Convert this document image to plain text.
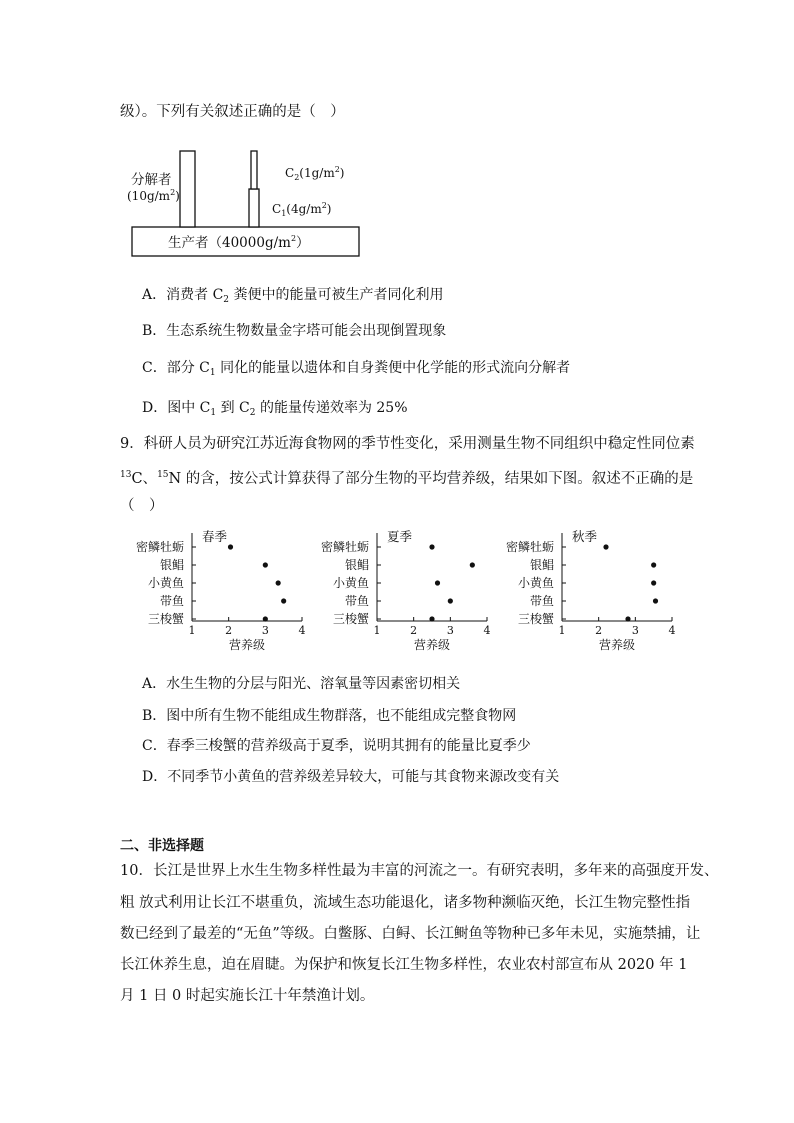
级）。下列有关叙述正确的是（　）
分解者
$(10g/m^2)$
$C_2(1g/m^2)$
$C_1(4g/m^2)$
生产者$(40000g/m^2)$
A．消费者 $C_2$ 粪便中的能量可被生产者同化利用
B．生态系统生物数量金字塔可能会出现倒置现象
C．部分 $C_1$ 同化的能量以遗体和自身粪便中化学能的形式流向分解者
D．图中 $C_1$ 到 $C_2$ 的能量传递效率为 25%
9．科研人员为研究江苏近海食物网的季节性变化，采用测量生物不同组织中稳定性同位素
$^{13}$C、$^{15}$N 的含，按公式计算获得了部分生物的平均营养级，结果如下图。叙述不正确的是
（　）
春季
密鳞牡蛎
银鲳
小黄鱼
带鱼
三梭蟹
1	2	3	4
营养级
夏季
密鳞牡蛎
银鲳
小黄鱼
带鱼
三梭蟹
1	2	3	4
营养级
秋季
密鳞牡蛎
银鲳
小黄鱼
带鱼
三梭蟹
1	2	3	4
营养级
A．水生生物的分层与阳光、溶氧量等因素密切相关
B．图中所有生物不能组成生物群落，也不能组成完整食物网
C．春季三梭蟹的营养级高于夏季，说明其拥有的能量比夏季少
D．不同季节小黄鱼的营养级差异较大，可能与其食物来源改变有关
二、非选择题
10．长江是世界上水生生物多样性最为丰富的河流之一。有研究表明，多年来的高强度开发、
粗 放式利用让长江不堪重负，流域生态功能退化，诸多物种濒临灭绝，长江生物完整性指
数已经到了最差的“无鱼”等级。白鳖豚、白鲟、长江鲥鱼等物种已多年未见，实施禁捕，让
长江休养生息，迫在眉睫。为保护和恢复长江生物多样性，农业农村部宣布从 2020 年 1
月 1 日 0 时起实施长江十年禁渔计划。
